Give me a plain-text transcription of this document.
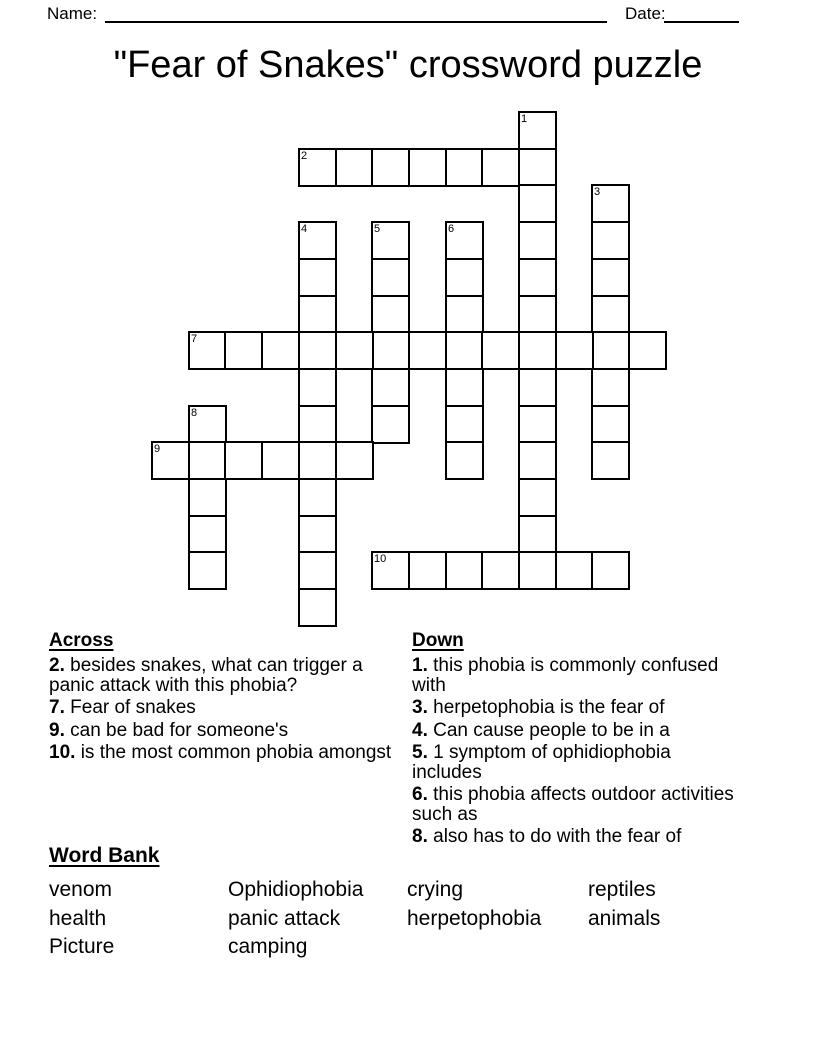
Name:	Date:
"Fear of Snakes" crossword puzzle
1
2
3
4	5	6
7
8
9
10
Across

2. besides snakes, what can trigger a panic attack with this phobia?

7. Fear of snakes

9. can be bad for someone's

10. is the most common phobia amongst

Down

1. this phobia is commonly confused with

3. herpetophobia is the fear of

4. Can cause people to be in a

5. 1 symptom of ophidiophobia includes

6. this phobia affects outdoor activities such as

8. also has to do with the fear of

Word Bank
venom	Ophidiophobia	crying	reptiles
health	panic attack	herpetophobia	animals
Picture	camping
